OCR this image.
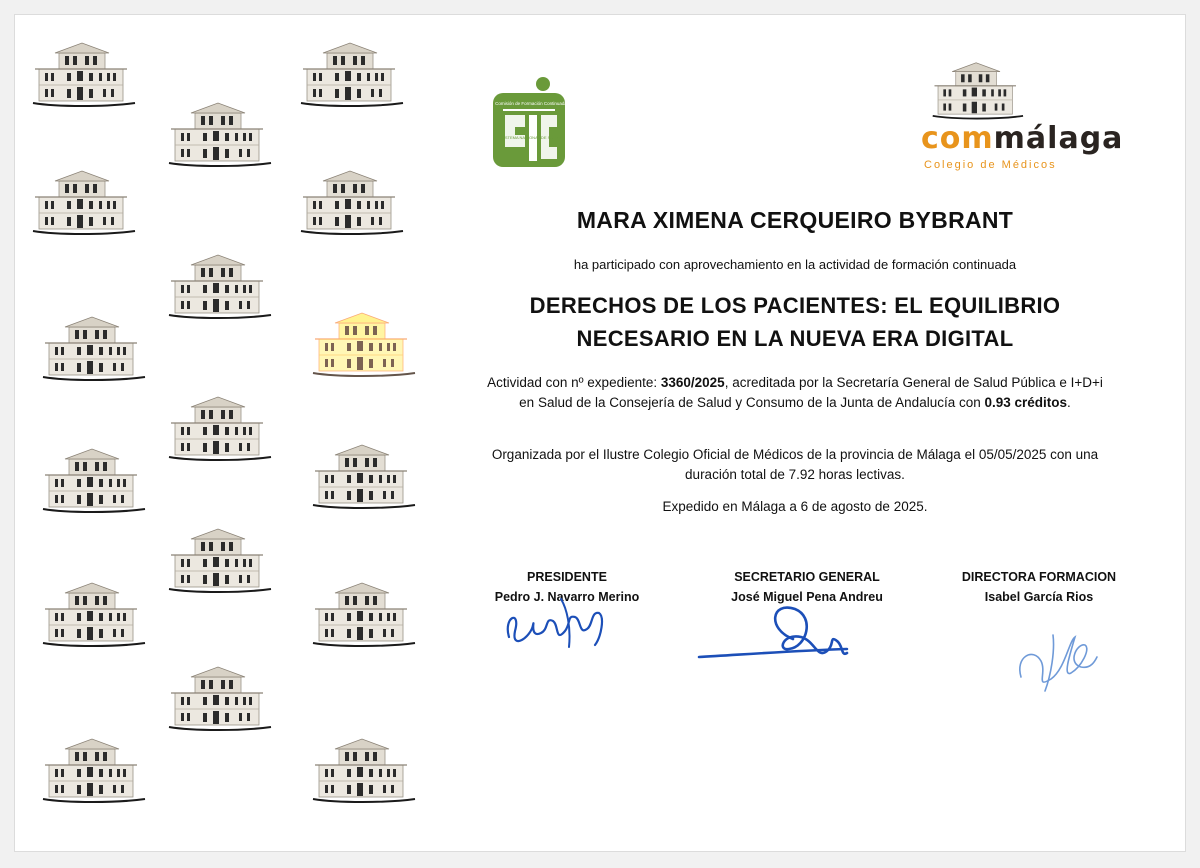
Comisión de Formación Continuada
SISTEMA NACIONAL DE SALUD	commálaga
Colegio de Médicos
MARA XIMENA CERQUEIRO BYBRANT
ha participado con aprovechamiento en la actividad de formación continuada
DERECHOS DE LOS PACIENTES: EL EQUILIBRIO
NECESARIO EN LA NUEVA ERA DIGITAL
Actividad con nº expediente: 3360/2025, acreditada por la Secretaría General de Salud Pública e I+D+i en Salud de la Consejería de Salud y Consumo de la Junta de Andalucía con 0.93 créditos.
Organizada por el Ilustre Colegio Oficial de Médicos de la provincia de Málaga el 05/05/2025 con una duración total de 7.92 horas lectivas.
Expedido en Málaga a 6 de agosto de 2025.
PRESIDENTE
Pedro J. Navarro Merino
SECRETARIO GENERAL
José Miguel Pena Andreu
DIRECTORA FORMACION
Isabel García Rios
